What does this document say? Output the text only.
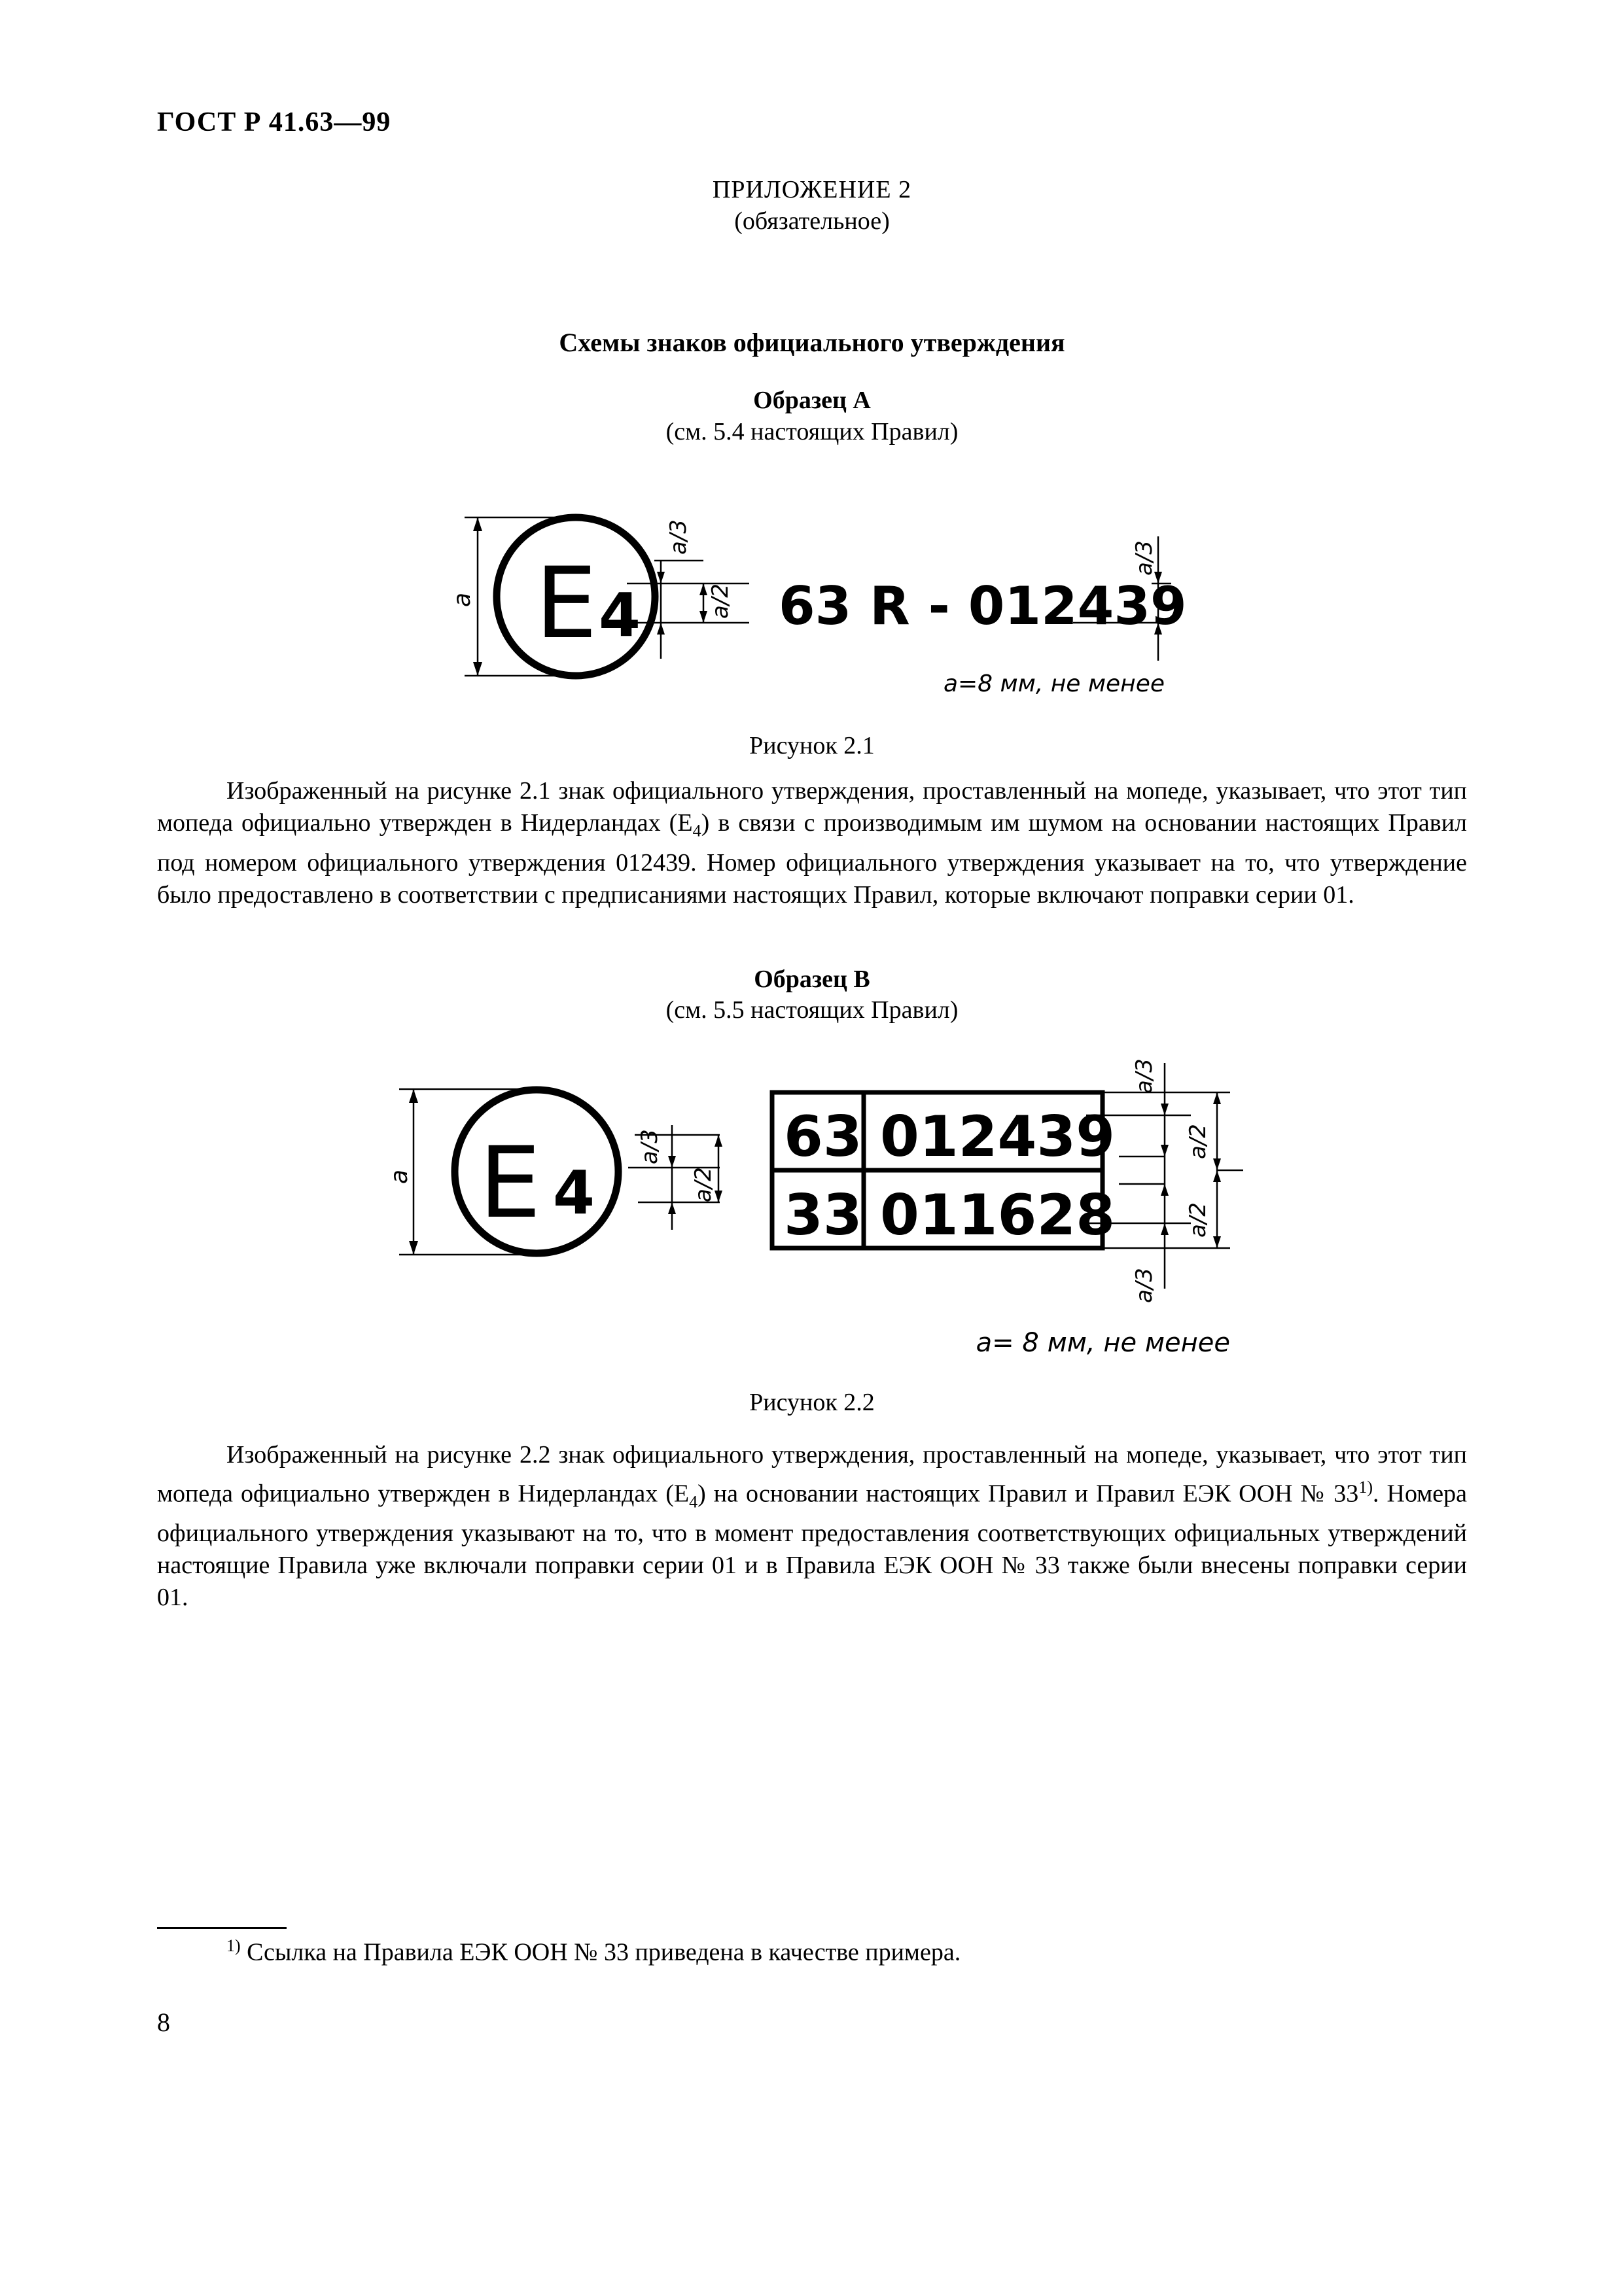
ГОСТ Р 41.63—99
ПРИЛОЖЕНИЕ 2
(обязательное)
Схемы знаков официального утверждения
Образец А
(см. 5.4 настоящих Правил)
E 4	63 R - 012439
a
a/3
a/2
a/3
a=8 мм, не менее
Рисунок 2.1

Изображенный на рисунке 2.1 знак официального утверждения, проставленный на мопеде, указывает, что этот тип мопеда официально утвержден в Нидерландах $(E_4)$ в связи с производимым им шумом на основании настоящих Правил под номером официального утверждения 012439. Номер официального утверждения указывает на то, что утверждение было предоставлено в соответствии с предписаниями настоящих Правил, которые включают поправки серии 01.

Образец В
(см. 5.5 настоящих Правил)
E 4
63 012439
33 011628
a
a/3
a/2
a/3
a/2
a/2
a/3
a= 8 мм, не менее
Рисунок 2.2

Изображенный на рисунке 2.2 знак официального утверждения, проставленный на мопеде, указывает, что этот тип мопеда официально утвержден в Нидерландах $(E_4)$ на основании настоящих Правил и Правил ЕЭК ООН № 33$^{1)}$. Номера официального утверждения указывают на то, что в момент предоставления соответствующих официальных утверждений настоящие Правила уже включали поправки серии 01 и в Правила ЕЭК ООН № 33 также были внесены поправки серии 01.

$^{1)}$ Ссылка на Правила ЕЭК ООН № 33 приведена в качестве примера.
8
